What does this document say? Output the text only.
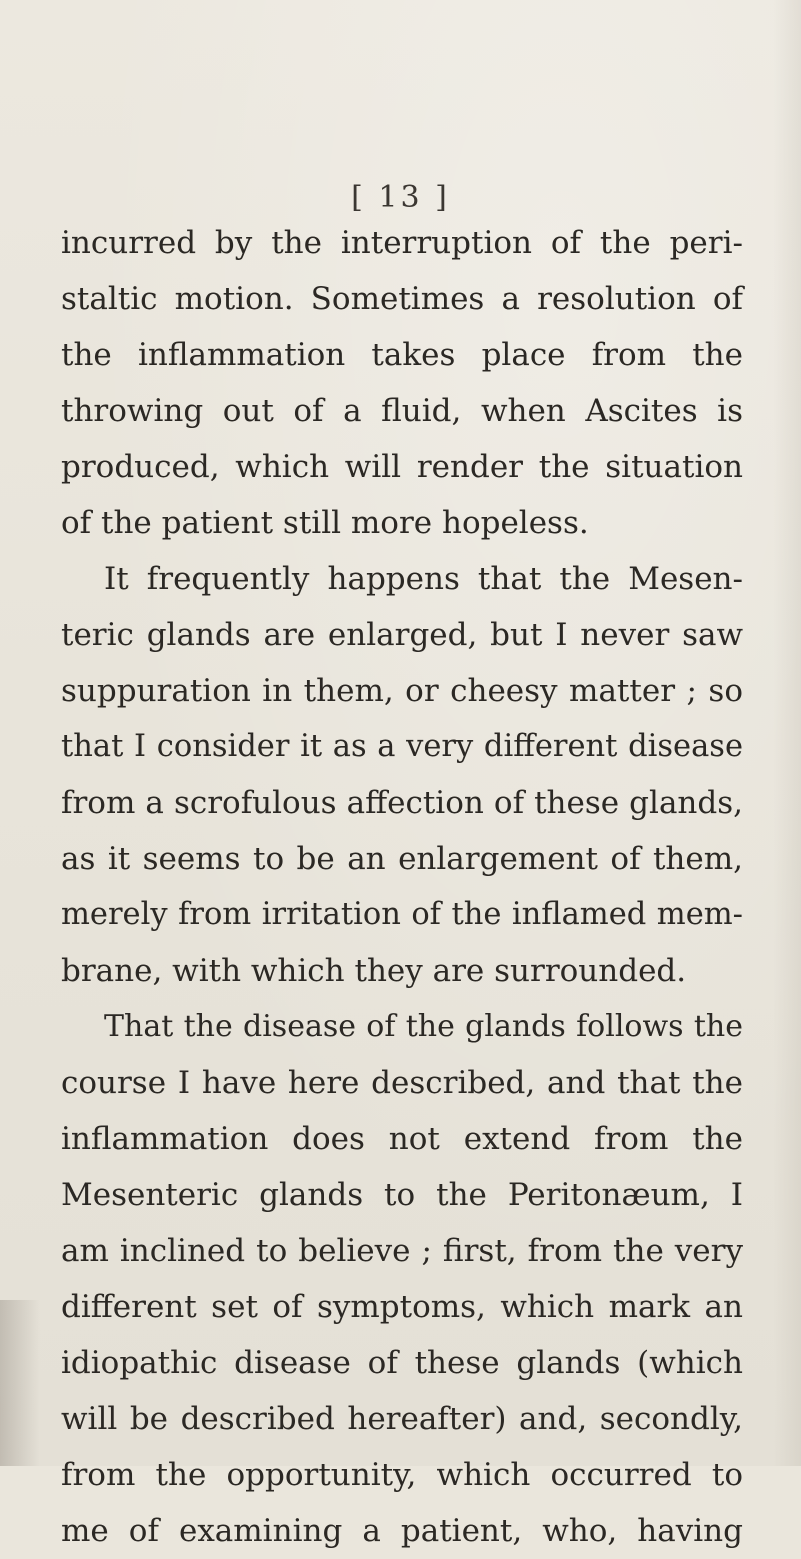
[ 13 ]
incurred by the interruption of the peri-
staltic motion. Sometimes a resolution of
the inflammation takes place from the
throwing out of a fluid, when Ascites is
produced, which will render the situation
of the patient still more hopeless.
It frequently happens that the Mesen-
teric glands are enlarged, but I never saw
suppuration in them, or cheesy matter ; so
that I consider it as a very different disease
from a scrofulous affection of these glands,
as it seems to be an enlargement of them,
merely from irritation of the inflamed mem-
brane, with which they are surrounded.
That the disease of the glands follows the
course I have here described, and that the
inflammation does not extend from the
Mesenteric glands to the Peritonæum, I
am inclined to believe ; first, from the very
different set of symptoms, which mark an
idiopathic disease of these glands (which
will be described hereafter) and, secondly,
from the opportunity, which occurred to
me of examining a patient, who, having
